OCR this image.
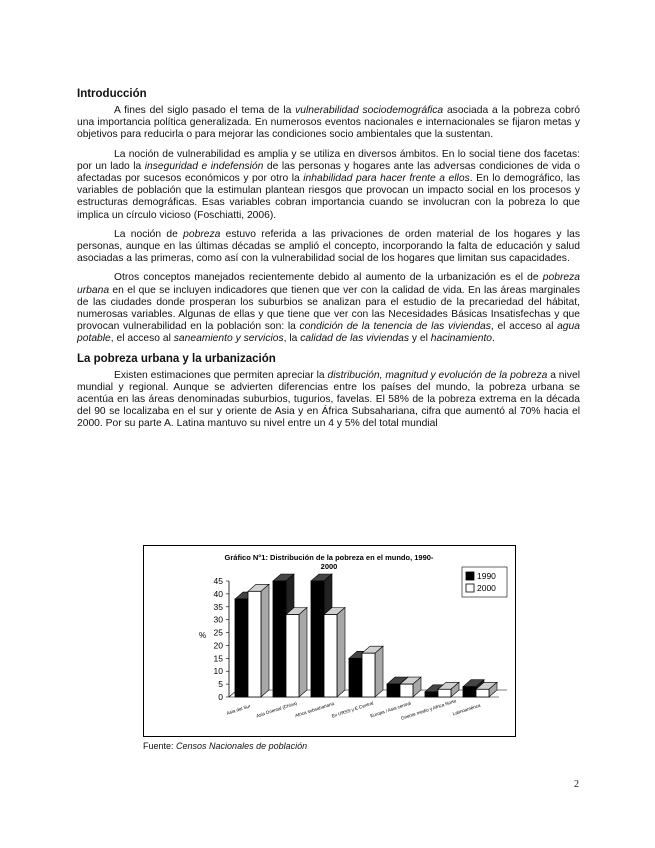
Introducción

A fines del siglo pasado el tema de la vulnerabilidad sociodemográfica asociada a la pobreza cobró una importancia política generalizada. En numerosos eventos nacionales e internacionales se fijaron metas y objetivos para reducirla o para mejorar las condiciones socio ambientales que la sustentan.

La noción de vulnerabilidad es amplia y se utiliza en diversos ámbitos. En lo social tiene dos facetas: por un lado la inseguridad e indefensión de las personas y hogares ante las adversas condiciones de vida o afectadas por sucesos económicos y por otro la inhabilidad para hacer frente a ellos. En lo demográfico, las variables de población que la estimulan plantean riesgos que provocan un impacto social en los procesos y estructuras demográficas. Esas variables cobran importancia cuando se involucran con la pobreza lo que implica un círculo vicioso (Foschiatti, 2006).

La noción de pobreza estuvo referida a las privaciones de orden material de los hogares y las personas, aunque en las últimas décadas se amplió el concepto, incorporando la falta de educación y salud asociadas a las primeras, como así con la vulnerabilidad social de los hogares que limitan sus capacidades.

Otros conceptos manejados recientemente debido al aumento de la urbanización es el de pobreza urbana en el que se incluyen indicadores que tienen que ver con la calidad de vida. En las áreas marginales de las ciudades donde prosperan los suburbios se analizan para el estudio de la precariedad del hábitat, numerosas variables. Algunas de ellas y que tiene que ver con las Necesidades Básicas Insatisfechas y que provocan vulnerabilidad en la población son: la condición de la tenencia de las viviendas, el acceso al agua potable, el acceso al saneamiento y servicios, la calidad de las viviendas y el hacinamiento.

La pobreza urbana y la urbanización

Existen estimaciones que permiten apreciar la distribución, magnitud y evolución de la pobreza a nivel mundial y regional. Aunque se advierten diferencias entre los países del mundo, la pobreza urbana se acentúa en las áreas denominadas suburbios, tugurios, favelas. El 58% de la pobreza extrema en la década del 90 se localizaba en el sur y oriente de Asia y en África Subsahariana, cifra que aumentó al 70% hacia el 2000. Por su parte A. Latina mantuvo su nivel entre un 4 y 5% del total mundial

Gráfico N°1: Distribución de la pobreza en el mundo, 1990-
2000
%
0
5
10
15
20
25
30
35
40
45
Asia del Sur Asia Oriental (China)
Africa subsahariana
Ex URSS y E.Central
Europa / Asia central
Oriente medio y Africa Norte
Latinoamérica
1990
2000
Fuente: Censos Nacionales de población
2
